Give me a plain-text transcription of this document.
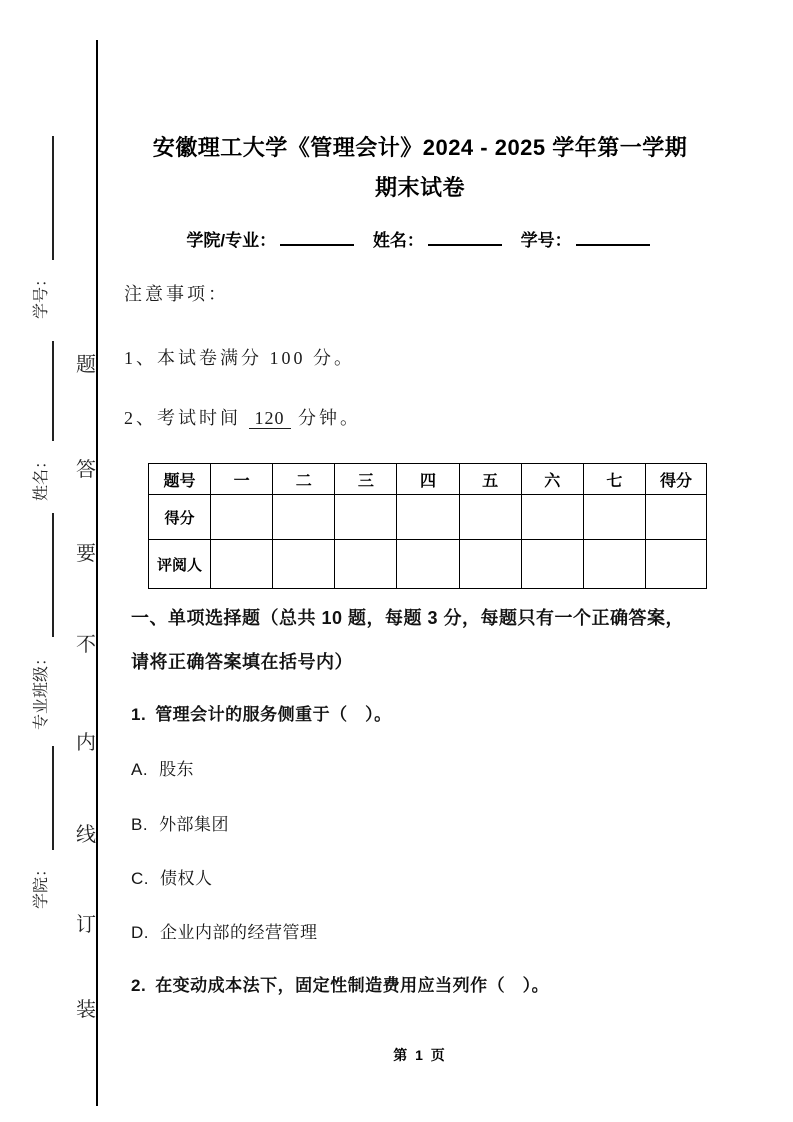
学号：
姓名：
专业班级：
学院：
题
答
要
不
内
线
订
装
安徽理工大学《管理会计》2024 - 2025 学年第一学期
期末试卷
学院/专业：	姓名：	学号：
注意事项：
1、本试卷满分 100 分。
2、考试时间 120 分钟。
题号	一	二	三	四	五	六	七	得分
得分								
评阅人								
一、单项选择题（总共 10 题，每题 3 分，每题只有一个正确答案，
请将正确答案填在括号内）
1. 管理会计的服务侧重于（　）。
A. 股东
B. 外部集团
C. 债权人
D. 企业内部的经营管理
2. 在变动成本法下，固定性制造费用应当列作（　）。
第 1 页
